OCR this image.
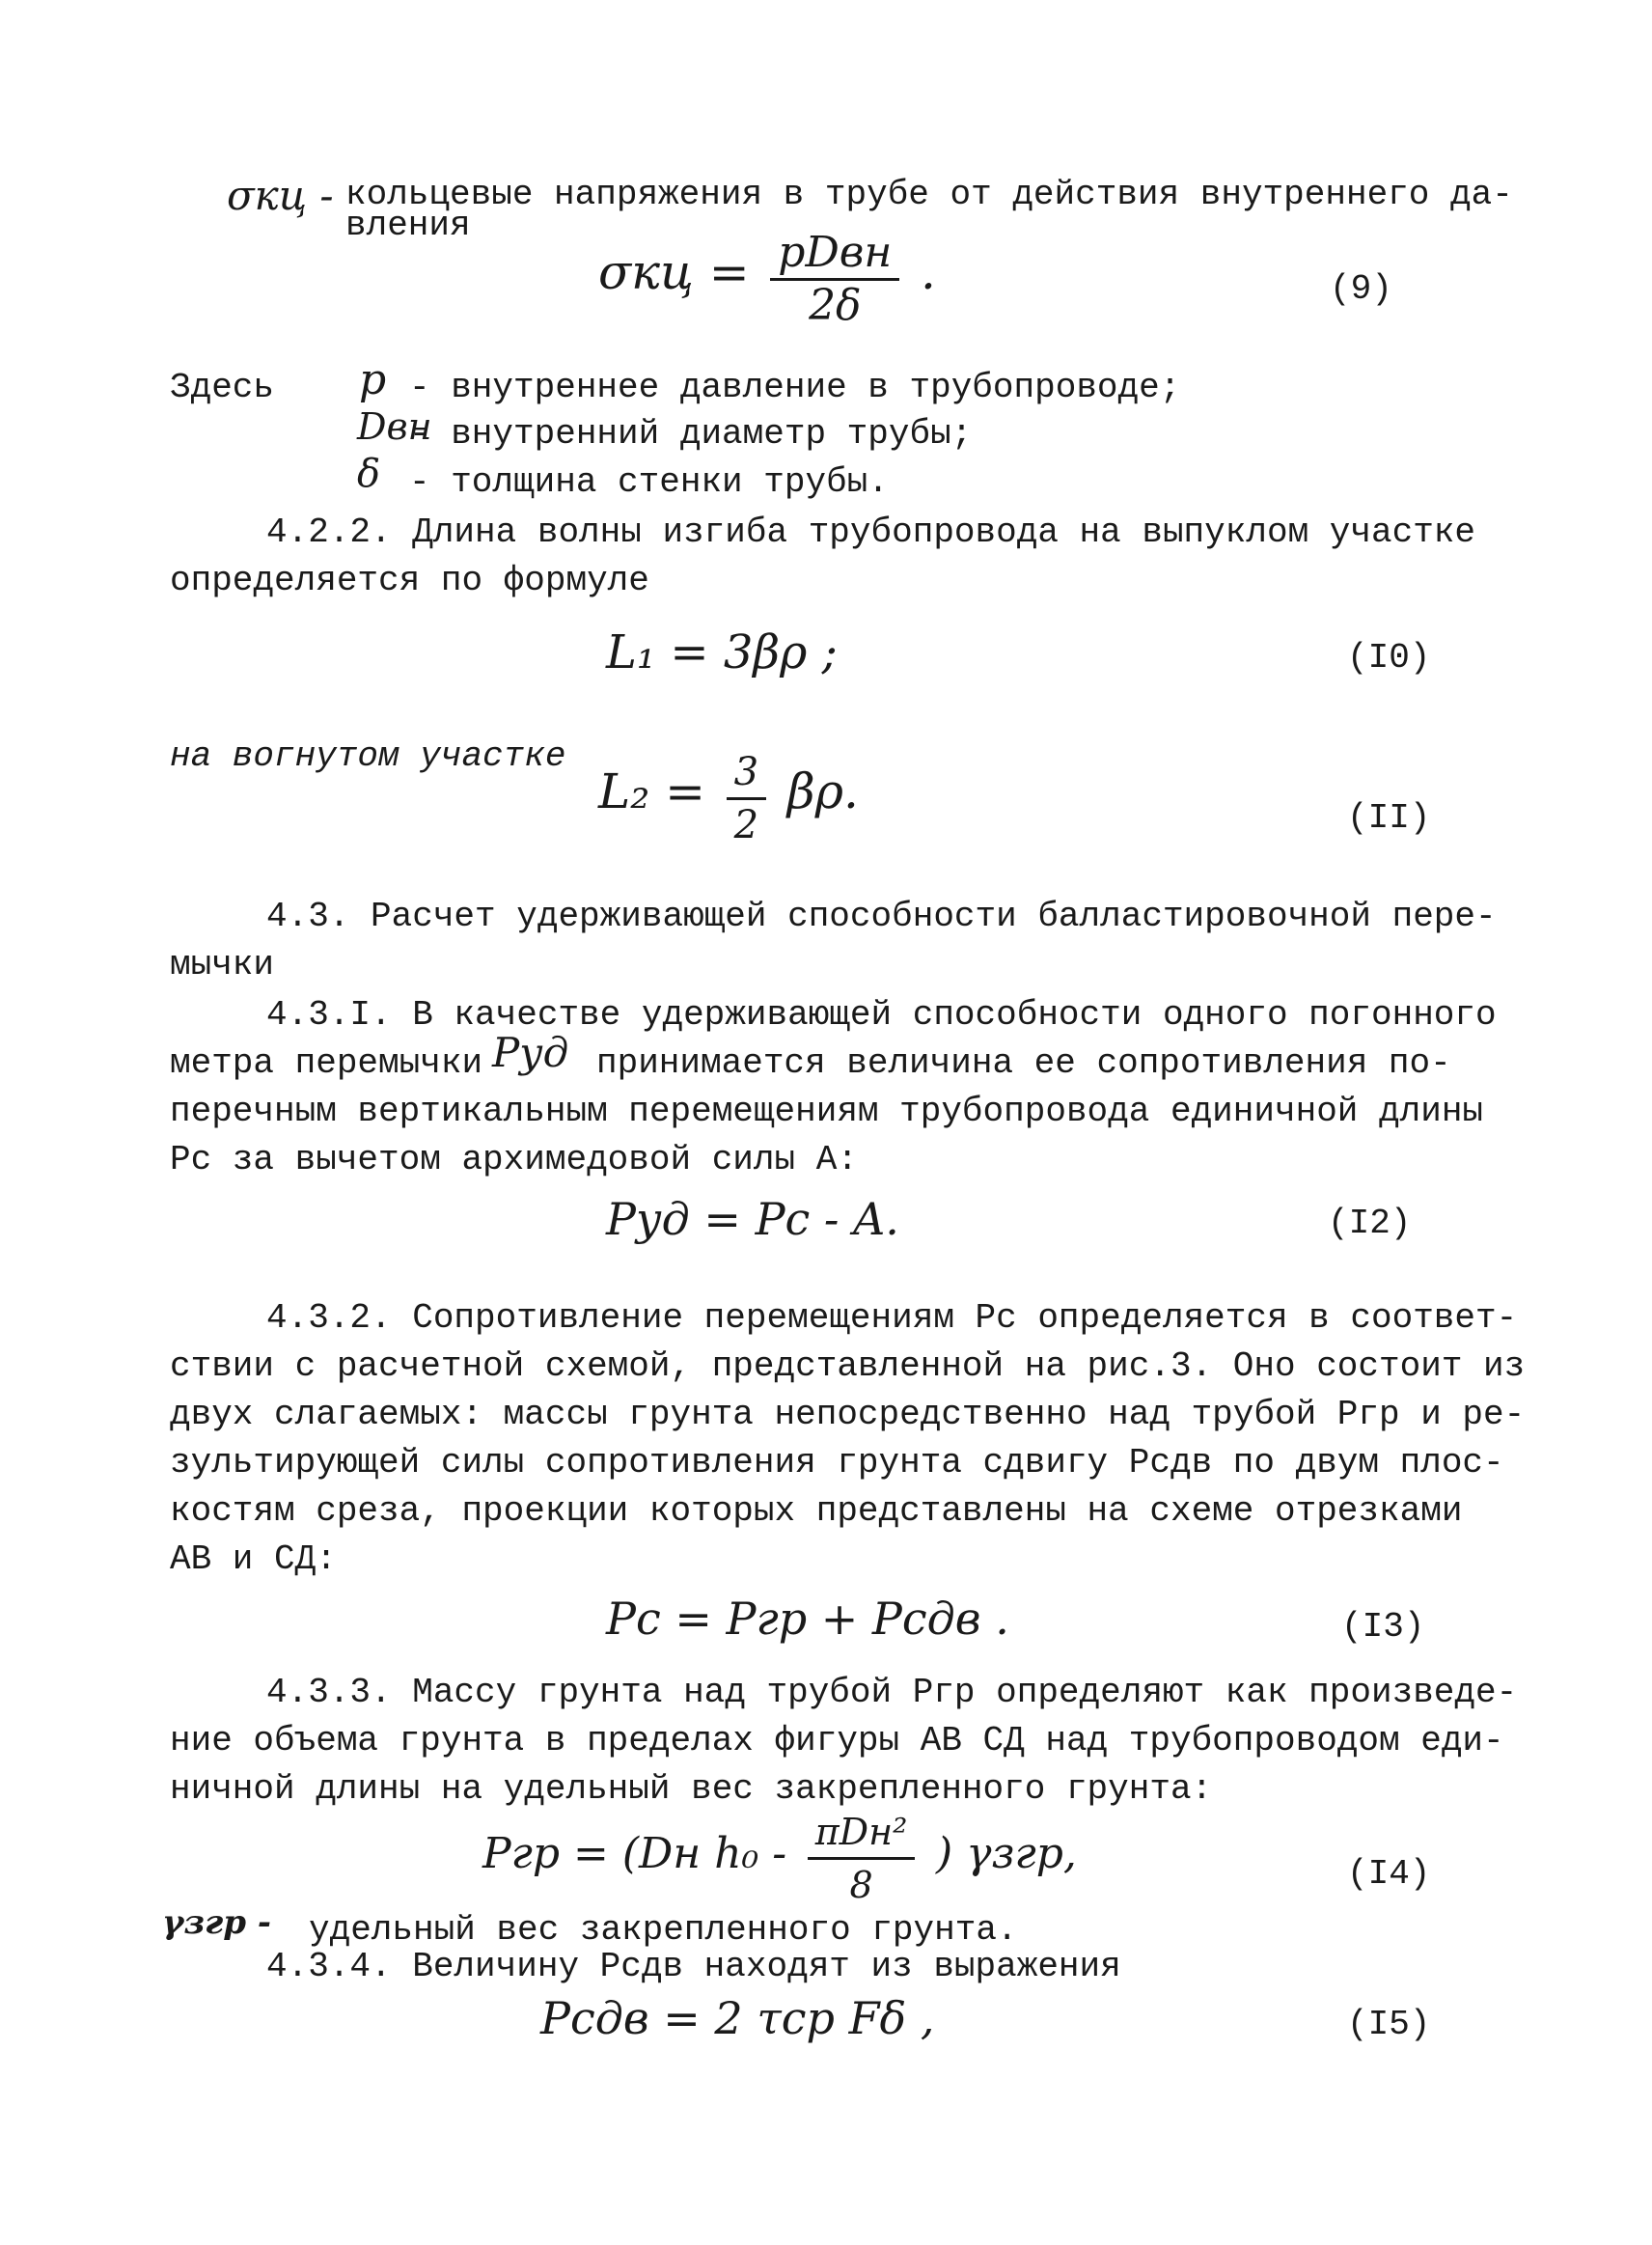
σкц - кольцевые напряжения в трубе от действия внутреннего да-
вления
$\sigma кц = \frac{\text{pDвн}}{2\delta}$ .	(9)
Здесь p - внутреннее давление в трубопроводе;
Dвн
- внутренний диаметр трубы;
δ - толщина стенки трубы.
4.2.2. Длина волны изгиба трубопровода на выпуклом участке
определяется по формуле
L₁ = 3βρ ;	(I0)
на вогнутом участке
$L_2 = \frac{3}{2} \beta\rho$.	(II)
4.3. Расчет удерживающей способности балластировочной пере-
мычки
4.3.I. В качестве удерживающей способности одного погонного
метра перемычки Pуд принимается величина ее сопротивления по-
перечным вертикальным перемещениям трубопровода единичной длины
Pc за вычетом архимедовой силы A:
Pуд = Pc - A.	(I2)
4.3.2. Сопротивление перемещениям Pc определяется в соответ-
ствии с расчетной схемой, представленной на рис.3. Оно состоит из
двух слагаемых: массы грунта непосредственно над трубой Pгр и ре-
зультирующей силы сопротивления грунта сдвигу Pсдв по двум плос-
костям среза, проекции которых представлены на схеме отрезками
АВ и СД:
Pc = Pгр + Pсдв .	(I3)
4.3.3. Массу грунта над трубой Pгр определяют как произведе-
ние объема грунта в пределах фигуры АВ СД над трубопроводом еди-
ничной длины на удельный вес закрепленного грунта:
Pгр = (Dн $h_0 - \frac{\text{πDн²}}{8}$ ) γзгр,	(I4)
γзгр - удельный вес закрепленного грунта.
4.3.4. Величину Pсдв находят из выражения
Pсдв = 2 τср Fδ ,	(I5)
